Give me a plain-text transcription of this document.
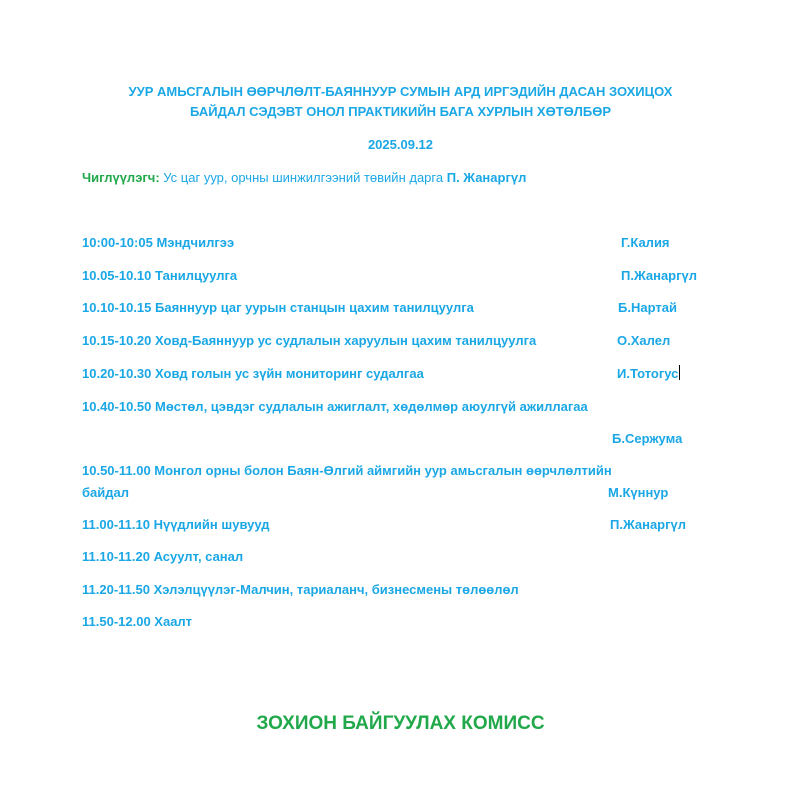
УУР АМЬСГАЛЫН ӨӨРЧЛӨЛТ-БАЯННУУР СУМЫН АРД ИРГЭДИЙН ДАСАН ЗОХИЦОХ
БАЙДАЛ СЭДЭВТ ОНОЛ ПРАКТИКИЙН БАГА ХУРЛЫН ХӨТӨЛБӨР
2025.09.12
Чиглүүлэгч: Ус цаг уур, орчны шинжилгээний төвийн дарга П. Жанаргүл
10:00-10:05 Мэндчилгээ	Г.Калия
10.05-10.10 Танилцуулга	П.Жанаргүл
10.10-10.15 Баяннуур цаг уурын станцын цахим танилцуулга	Б.Нартай
10.15-10.20 Ховд-Баяннуур ус судлалын харуулын цахим танилцуулга	О.Халел
10.20-10.30 Ховд голын ус зүйн мониторинг судалгаа	И.Тотогус
10.40-10.50 Мөстөл, цэвдэг судлалын ажиглалт, хөдөлмөр аюулгүй ажиллагаа
Б.Сержума
10.50-11.00 Монгол орны болон Баян-Өлгий аймгийн уур амьсгалын өөрчлөлтийн
байдал	М.Күннур
11.00-11.10 Нүүдлийн шувууд	П.Жанаргүл
11.10-11.20 Асуулт, санал
11.20-11.50 Хэлэлцүүлэг-Малчин, тариаланч, бизнесмены төлөөлөл
11.50-12.00 Хаалт
ЗОХИОН БАЙГУУЛАХ КОМИСС
